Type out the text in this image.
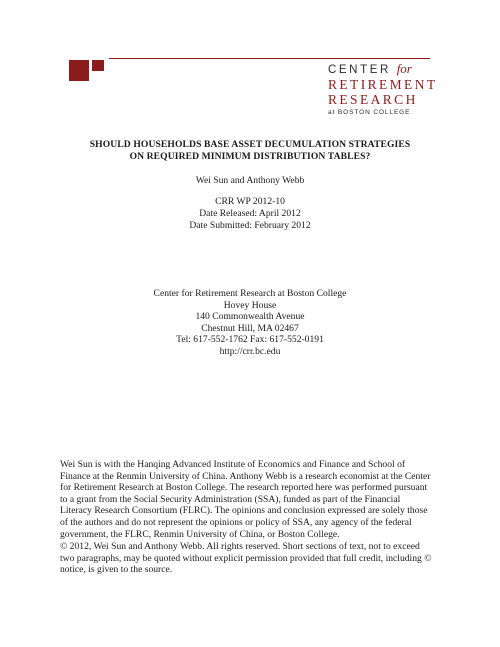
CENTER for
RETIREMENT
RESEARCH
at BOSTON COLLEGE
SHOULD HOUSEHOLDS BASE ASSET DECUMULATION STRATEGIES
ON REQUIRED MINIMUM DISTRIBUTION TABLES?
Wei Sun and Anthony Webb
CRR WP 2012-10
Date Released: April 2012
Date Submitted: February 2012
Center for Retirement Research at Boston College
Hovey House
140 Commonwealth Avenue
Chestnut Hill, MA 02467
Tel: 617-552-1762 Fax: 617-552-0191
http://crr.bc.edu
Wei Sun is with the Hanqing Advanced Institute of Economics and Finance and School of
Finance at the Renmin University of China. Anthony Webb is a research economist at the Center
for Retirement Research at Boston College. The research reported here was performed pursuant
to a grant from the Social Security Administration (SSA), funded as part of the Financial
Literacy Research Consortium (FLRC). The opinions and conclusion expressed are solely those
of the authors and do not represent the opinions or policy of SSA, any agency of the federal
government, the FLRC, Renmin University of China, or Boston College.
© 2012, Wei Sun and Anthony Webb. All rights reserved. Short sections of text, not to exceed
two paragraphs, may be quoted without explicit permission provided that full credit, including ©
notice, is given to the source.
